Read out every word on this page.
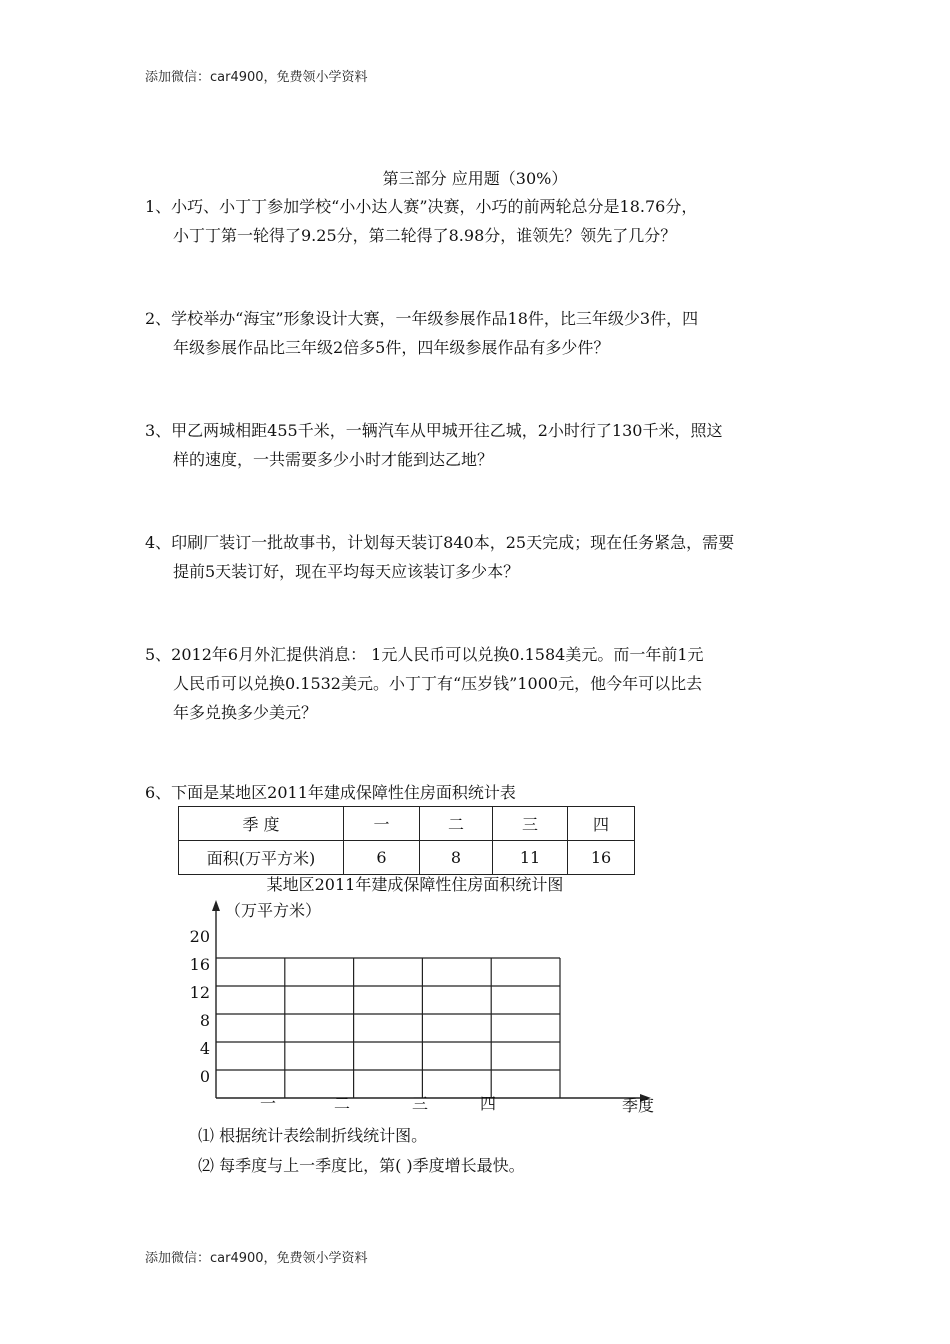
添加微信：car4900，免费领小学资料
第三部分 应用题（30%）
1、小巧、小丁丁参加学校“小小达人赛”决赛，小巧的前两轮总分是18.76分，
小丁丁第一轮得了9.25分，第二轮得了8.98分，谁领先？领先了几分？
2、学校举办“海宝”形象设计大赛，一年级参展作品18件，比三年级少3件，四
年级参展作品比三年级2倍多5件，四年级参展作品有多少件？
3、甲乙两城相距455千米，一辆汽车从甲城开往乙城，2小时行了130千米，照这
样的速度，一共需要多少小时才能到达乙地？
4、印刷厂装订一批故事书，计划每天装订840本，25天完成；现在任务紧急，需要
提前5天装订好，现在平均每天应该装订多少本？
5、2012年6月外汇提供消息： 1元人民币可以兑换0.1584美元。而一年前1元
人民币可以兑换0.1532美元。小丁丁有“压岁钱”1000元，他今年可以比去
年多兑换多少美元？
6、下面是某地区2011年建成保障性住房面积统计表
季 度	一	二	三	四
面积(万平方米)	6	8	11	16
某地区2011年建成保障性住房面积统计图
（万平方米）
0
4
8
12
16
20
一	二	三	四	季度
⑴ 根据统计表绘制折线统计图。
⑵ 每季度与上一季度比，第( )季度增长最快。
添加微信：car4900，免费领小学资料
